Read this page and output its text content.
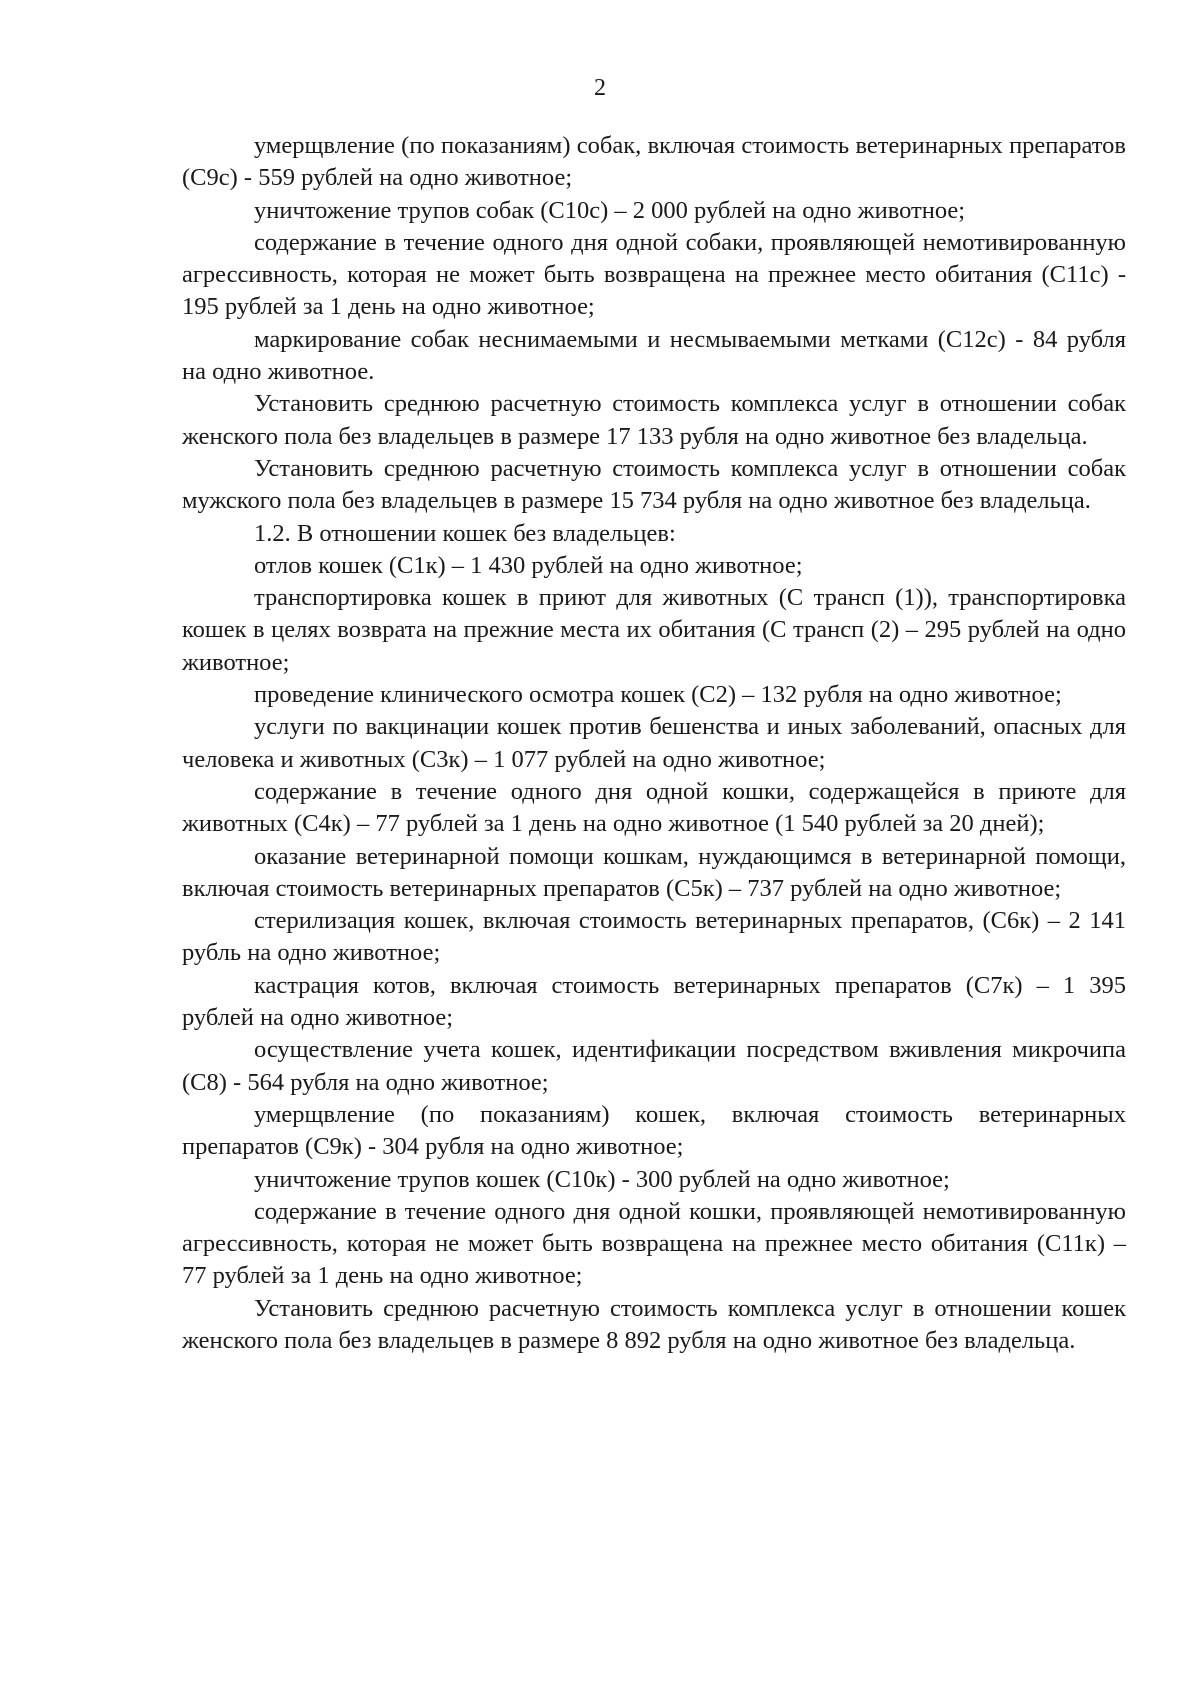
2

умерщвление (по показаниям) собак, включая стоимость ветеринарных препаратов (С9с) - 559 рублей на одно животное;

уничтожение трупов собак (С10с) – 2 000 рублей на одно животное;

содержание в течение одного дня одной собаки, проявляющей немотивированную агрессивность, которая не может быть возвращена на прежнее место обитания (С11с) - 195 рублей за 1 день на одно животное;

маркирование собак неснимаемыми и несмываемыми метками (С12с) - 84 рубля на одно животное.

Установить среднюю расчетную стоимость комплекса услуг в отношении собак женского пола без владельцев в размере 17 133 рубля на одно животное без владельца.

Установить среднюю расчетную стоимость комплекса услуг в отношении собак мужского пола без владельцев в размере 15 734 рубля на одно животное без владельца.

1.2. В отношении кошек без владельцев:

отлов кошек (С1к) – 1 430 рублей на одно животное;

транспортировка кошек в приют для животных (С трансп (1)), транспортировка кошек в целях возврата на прежние места их обитания (С трансп (2) – 295 рублей на одно животное;

проведение клинического осмотра кошек (С2) – 132 рубля на одно животное;

услуги по вакцинации кошек против бешенства и иных заболеваний, опасных для человека и животных (С3к) – 1 077 рублей на одно животное;

содержание в течение одного дня одной кошки, содержащейся в приюте для животных (С4к) – 77 рублей за 1 день на одно животное (1 540 рублей за 20 дней);

оказание ветеринарной помощи кошкам, нуждающимся в ветеринарной помощи, включая стоимость ветеринарных препаратов (С5к) – 737 рублей на одно животное;

стерилизация кошек, включая стоимость ветеринарных препаратов, (С6к) – 2 141 рубль на одно животное;

кастрация котов, включая стоимость ветеринарных препаратов (С7к) – 1 395 рублей на одно животное;

осуществление учета кошек, идентификации посредством вживления микрочипа (С8) - 564 рубля на одно животное;

умерщвление (по показаниям) кошек, включая стоимость ветеринарных препаратов (С9к) - 304 рубля на одно животное;

уничтожение трупов кошек (С10к) - 300 рублей на одно животное;

содержание в течение одного дня одной кошки, проявляющей немотивированную агрессивность, которая не может быть возвращена на прежнее место обитания (С11к) – 77 рублей за 1 день на одно животное;

Установить среднюю расчетную стоимость комплекса услуг в отношении кошек женского пола без владельцев в размере 8 892 рубля на одно животное без владельца.
